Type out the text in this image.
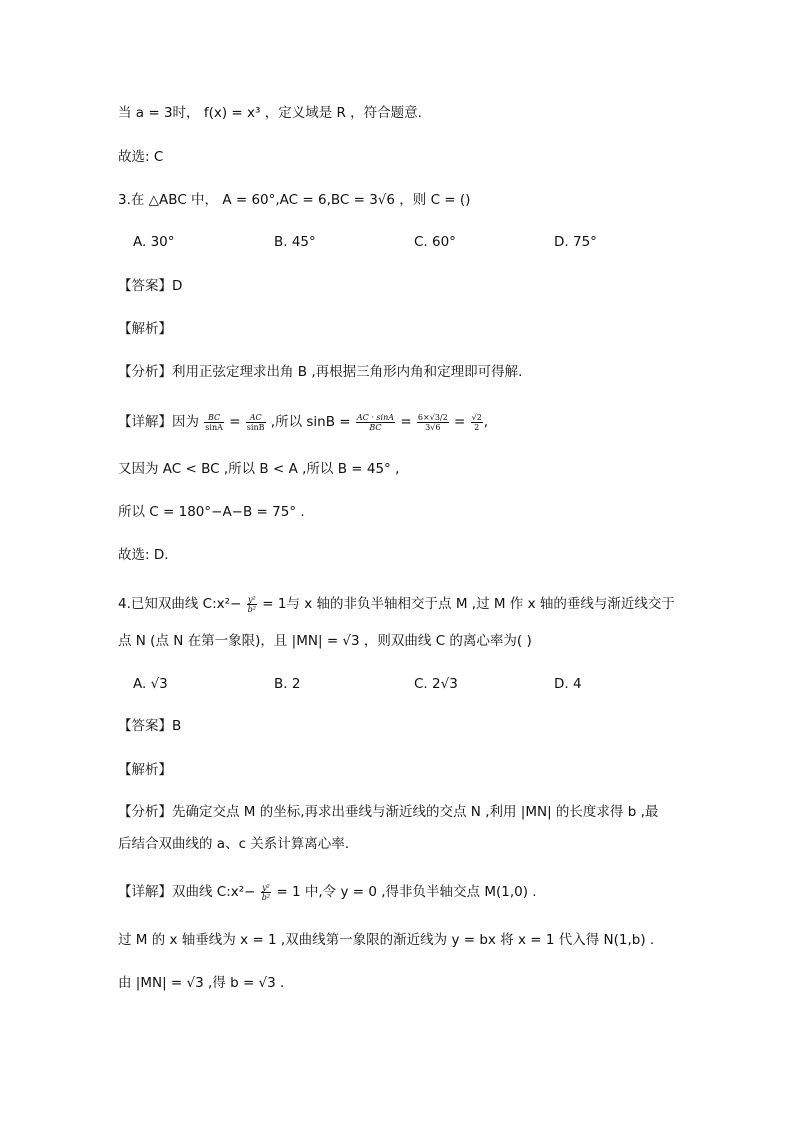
当 a = 3时， f(x) = x³ ，定义域是 R ，符合题意.
故选: C
3.在 △ABC 中， A = 60°,AC = 6,BC = 3√6 ，则 C = ()
A. 30°	B. 45°	C. 60°	D. 75°
【答案】D
【解析】
【分析】利用正弦定理求出角 B ,再根据三角形内角和定理即可得解.
【详解】因为 $\frac{BC}{\sin A} = \frac{AC}{\sin B}$ ,所以 $\sin B = \frac{AC \cdot \sin A}{BC} = \frac{6\times√3/2}{3√6} = \frac{√2}{2}$ ,
又因为 AC < BC ,所以 B < A ,所以 B = 45° ,
所以 C = 180°−A−B = 75° .
故选: D.
4.已知双曲线 C:x²− $\frac{\text{y²}}{\text{b²}} = 1$与 x 轴的非负半轴相交于点 M ,过 M 作 x 轴的垂线与渐近线交于
点 N (点 N 在第一象限)，且 |MN| = √3 ，则双曲线 C 的离心率为( )
A. √3	B. 2	C. 2√3	D. 4
【答案】B
【解析】
【分析】先确定交点 M 的坐标,再求出垂线与渐近线的交点 N ,利用 |MN| 的长度求得 b ,最
后结合双曲线的 a、c 关系计算离心率.
【详解】双曲线 C:x²− $\frac{\text{y²}}{\text{b²}} = 1$ 中,令 y = 0 ,得非负半轴交点 M(1,0) .
过 M 的 x 轴垂线为 x = 1 ,双曲线第一象限的渐近线为 y = bx 将 x = 1 代入得 N(1,b) .
由 |MN| = √3 ,得 b = √3 .
